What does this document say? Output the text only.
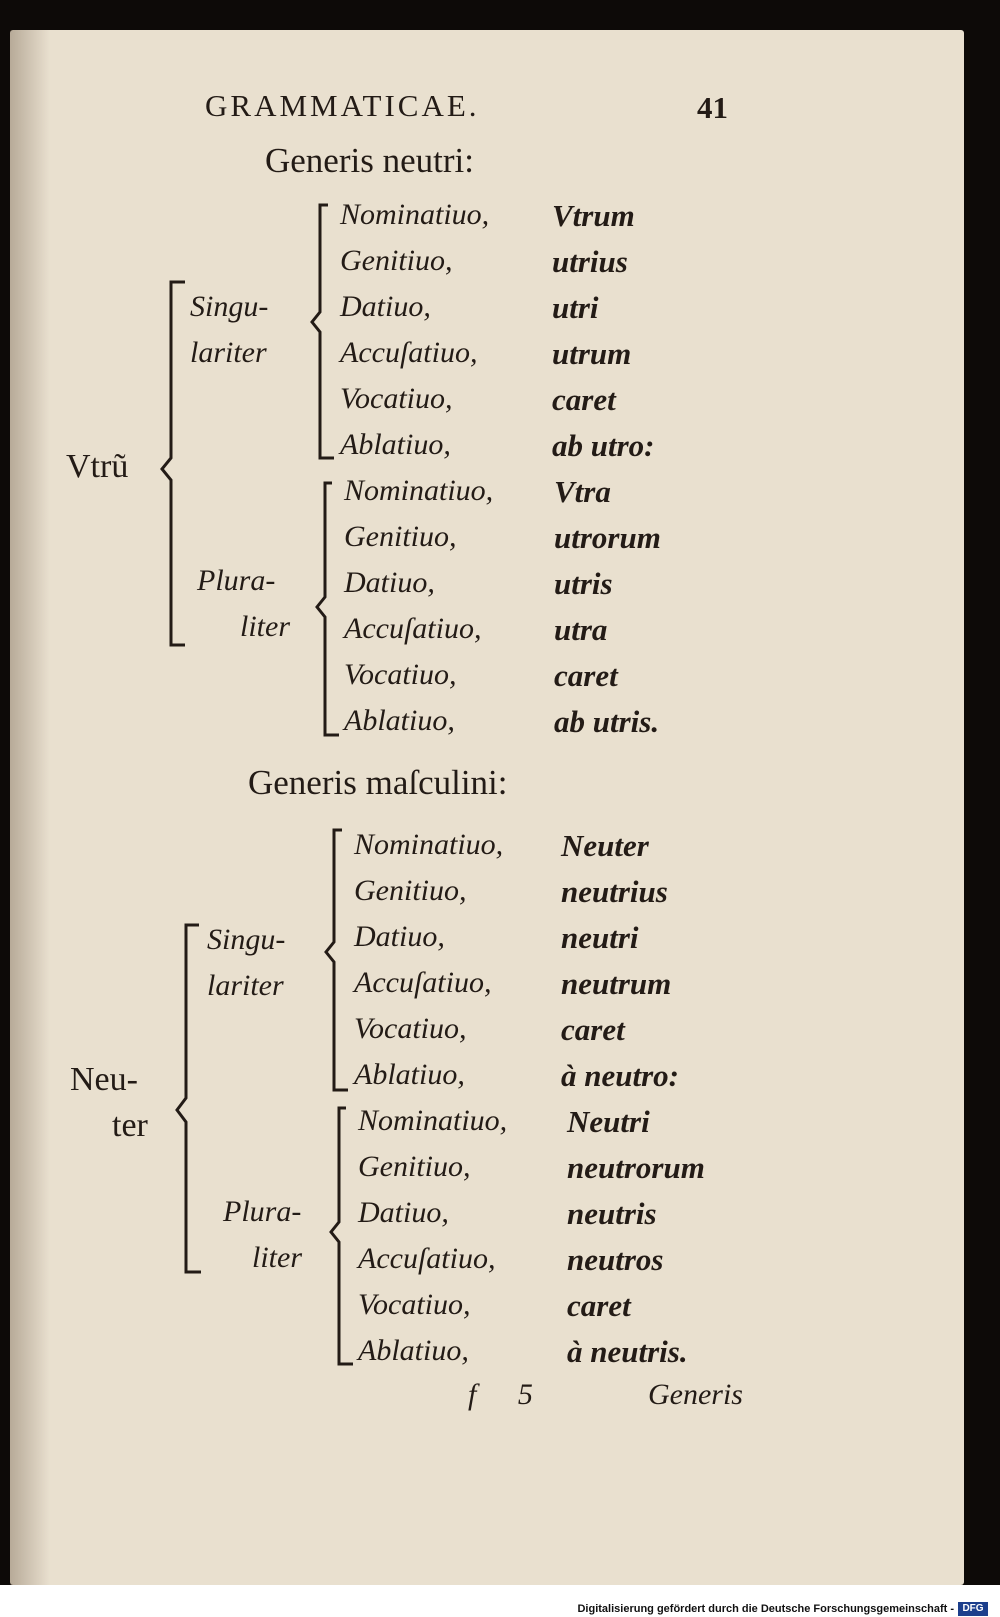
GRAMMATICAE.	41
Generis neutri:
Vtrũ
Singu-
lariter
Plura-
liter
Nominatiuo, Vtrum
Genitiuo,	utrius
Datiuo,	utri
Accuſatiuo, utrum
Vocatiuo,	caret
Ablatiuo,	ab utro:
Nominatiuo, Vtra
Genitiuo,	utrorum
Datiuo,	utris
Accuſatiuo, utra
Vocatiuo,	caret
Ablatiuo,	ab utris.
Generis maſculini:
Neu-
ter
Singu-
lariter
Plura-
liter
Nominatiuo, Neuter
Genitiuo,	neutrius
Datiuo,	neutri
Accuſatiuo, neutrum
Vocatiuo,	caret
Ablatiuo,	à neutro:
Nominatiuo, Neutri
Genitiuo,	neutrorum
Datiuo,	neutris
Accuſatiuo, neutros
Vocatiuo,	caret
Ablatiuo,	à neutris.
f 5	Generis
Digitalisierung gefördert durch die Deutsche Forschungsgemeinschaft - DFG
